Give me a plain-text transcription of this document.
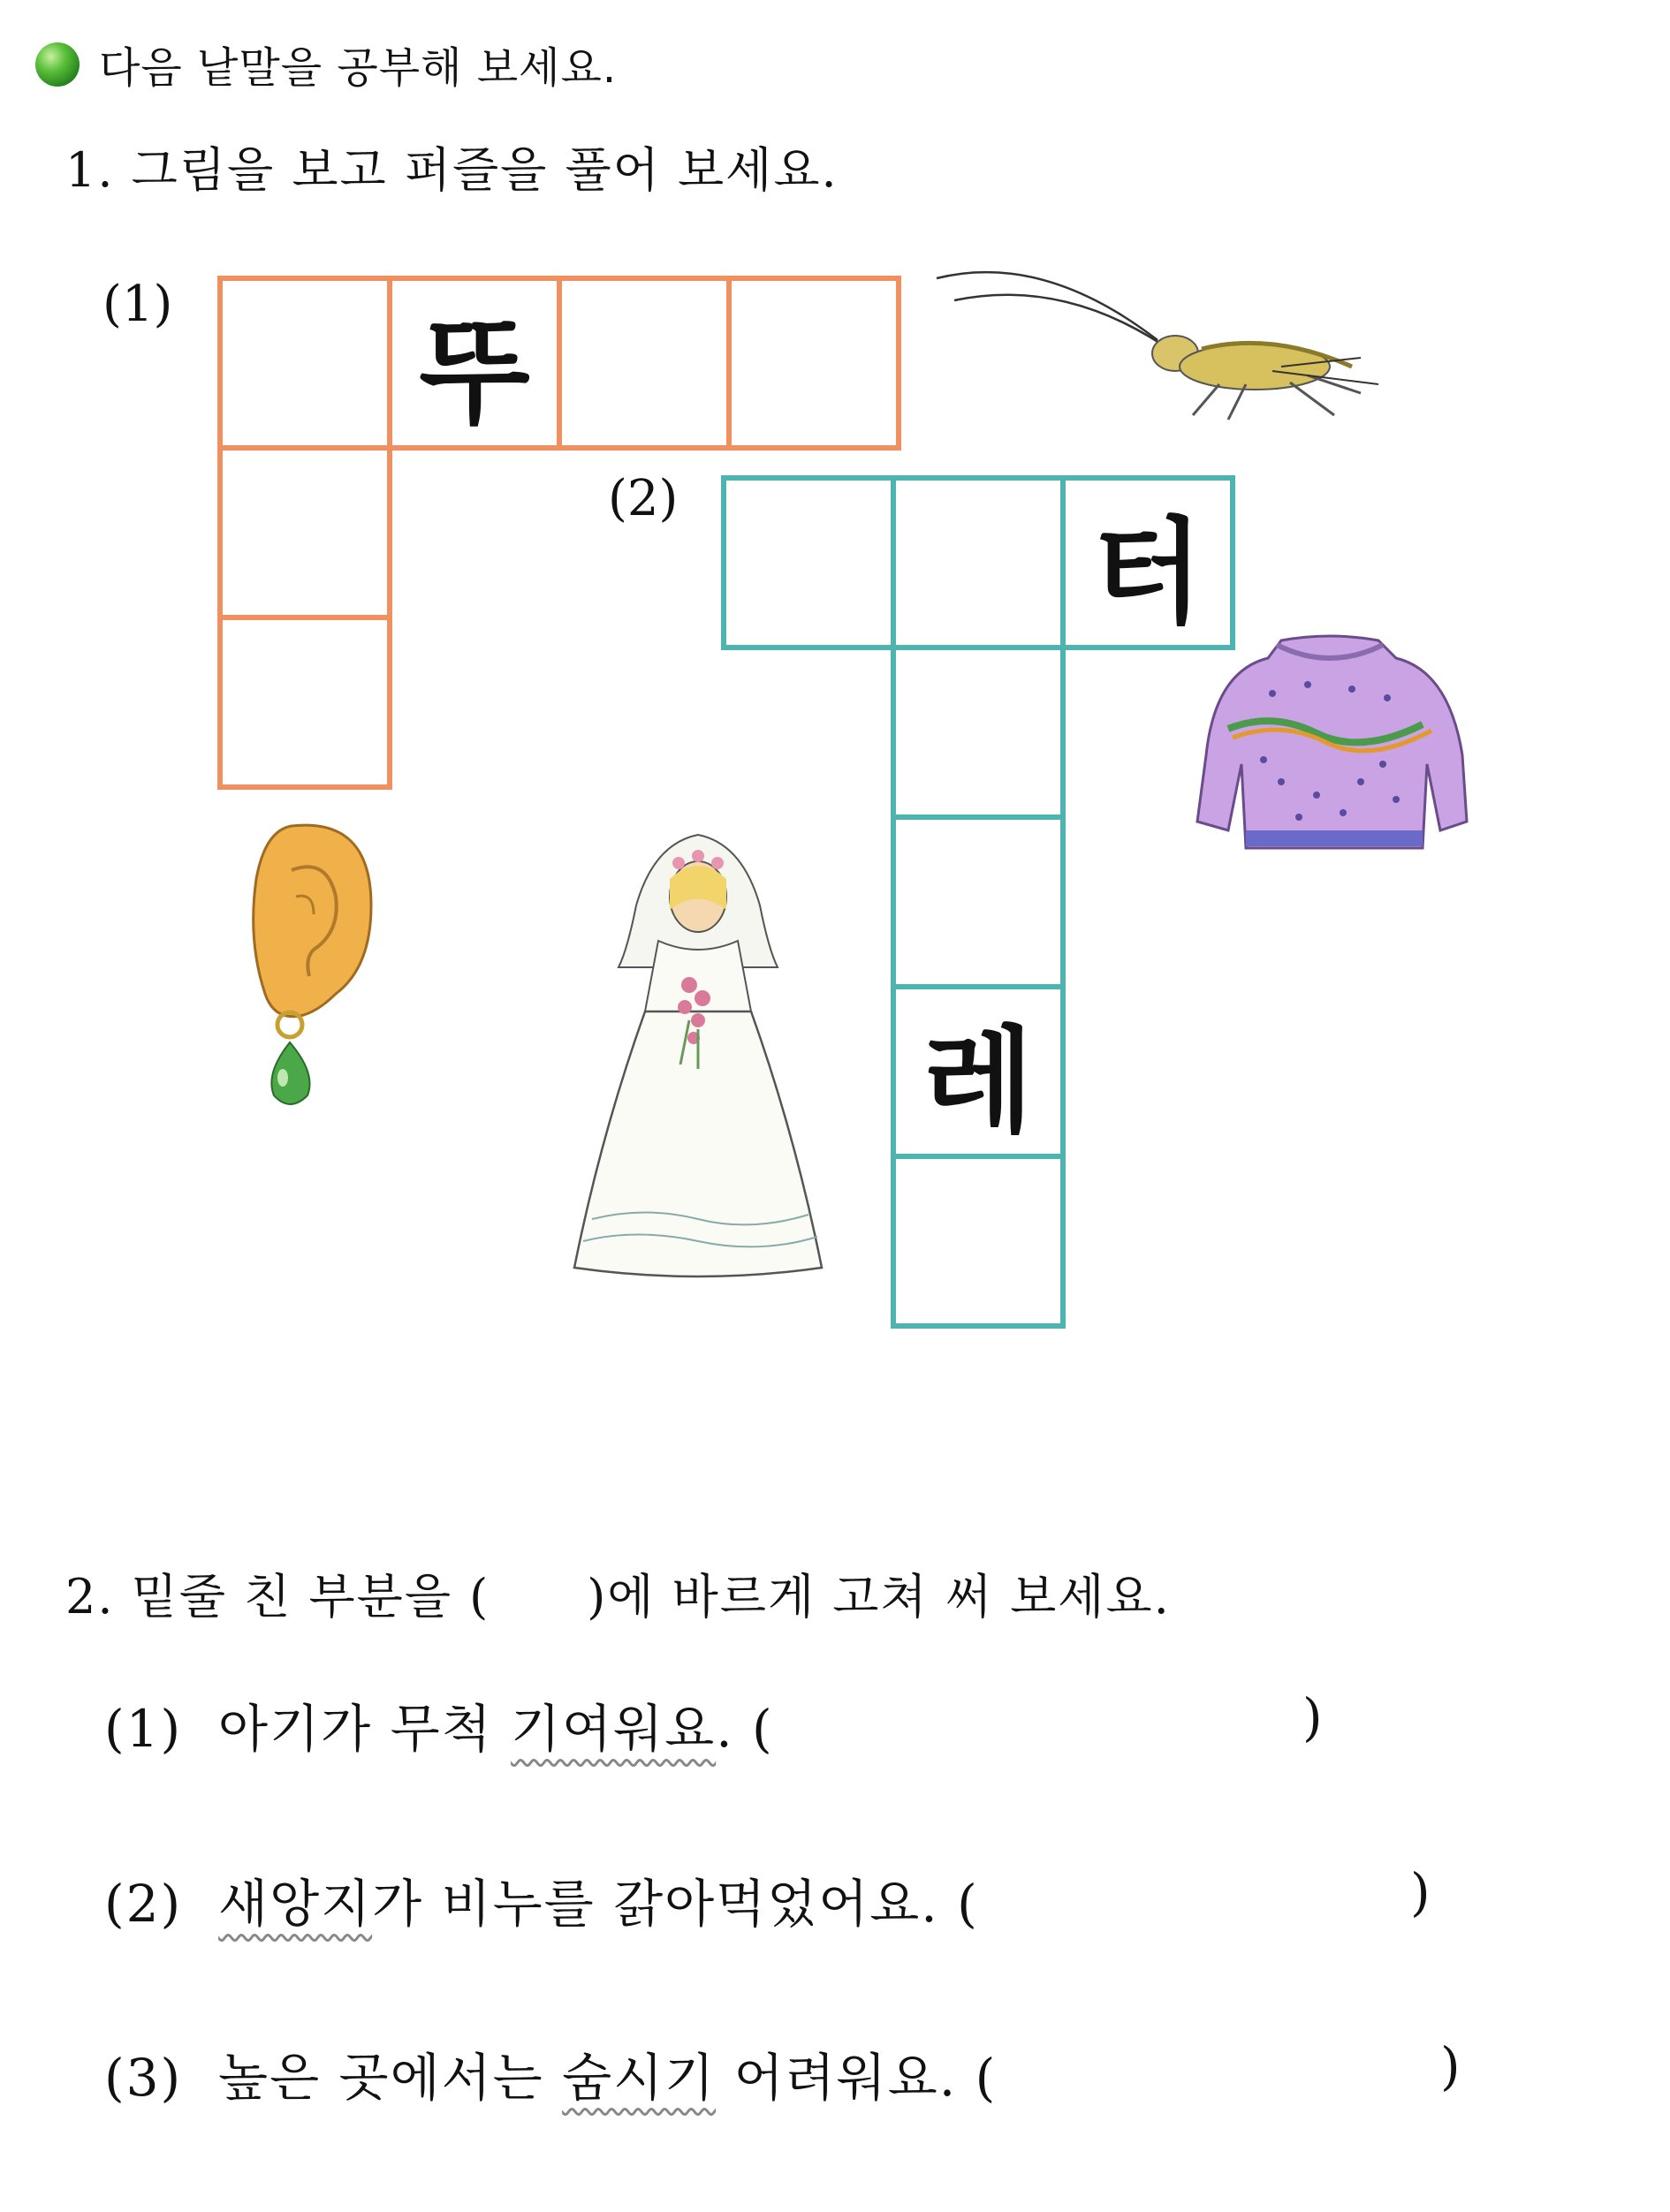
다음 낱말을 공부해 보세요.
1. 그림을 보고 퍼즐을 풀어 보세요.
(1)
(2)
뚜
터
레
2. 밑줄 친 부분을 ( )에 바르게 고쳐 써 보세요.
(1) 아기가 무척 기여워요. (	)
(2) 새앙지가 비누를 갉아먹었어요. (	)
(3) 높은 곳에서는 숨시기 어려워요. (	)
